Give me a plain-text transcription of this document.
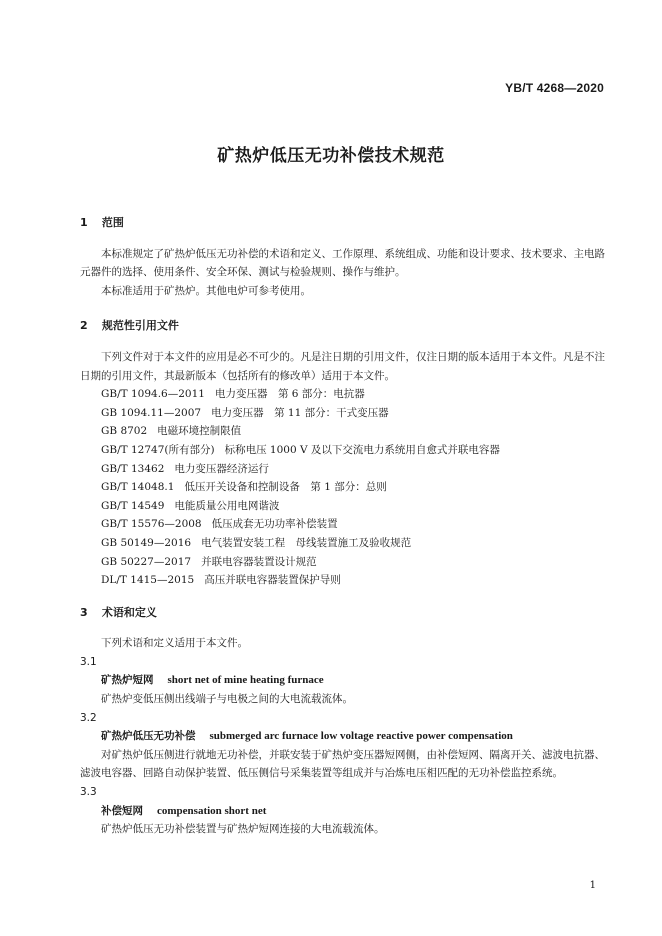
YB/T 4268—2020
矿热炉低压无功补偿技术规范
1 范围

本标准规定了矿热炉低压无功补偿的术语和定义、工作原理、系统组成、功能和设计要求、技术要求、主电路元器件的选择、使用条件、安全环保、测试与检验规则、操作与维护。

本标准适用于矿热炉。其他电炉可参考使用。

2 规范性引用文件

下列文件对于本文件的应用是必不可少的。凡是注日期的引用文件，仅注日期的版本适用于本文件。凡是不注日期的引用文件，其最新版本（包括所有的修改单）适用于本文件。

GB/T 1094.6—2011 电力变压器　第 6 部分：电抗器

GB 1094.11—2007 电力变压器　第 11 部分：干式变压器

GB 8702 电磁环境控制限值

GB/T 12747(所有部分) 标称电压 1000 V 及以下交流电力系统用自愈式并联电容器

GB/T 13462 电力变压器经济运行

GB/T 14048.1 低压开关设备和控制设备　第 1 部分：总则

GB/T 14549 电能质量公用电网谐波

GB/T 15576—2008 低压成套无功功率补偿装置

GB 50149—2016 电气装置安装工程　母线装置施工及验收规范

GB 50227—2017 并联电容器装置设计规范

DL/T 1415—2015 高压并联电容器装置保护导则

3 术语和定义

下列术语和定义适用于本文件。

3.1

矿热炉短网 short net of mine heating furnace

矿热炉变低压侧出线端子与电极之间的大电流载流体。

3.2

矿热炉低压无功补偿 submerged arc furnace low voltage reactive power compensation

对矿热炉低压侧进行就地无功补偿，并联安装于矿热炉变压器短网侧，由补偿短网、隔离开关、滤波电抗器、滤波电容器、回路自动保护装置、低压侧信号采集装置等组成并与冶炼电压相匹配的无功补偿监控系统。

3.3

补偿短网 compensation short net

矿热炉低压无功补偿装置与矿热炉短网连接的大电流载流体。

1
